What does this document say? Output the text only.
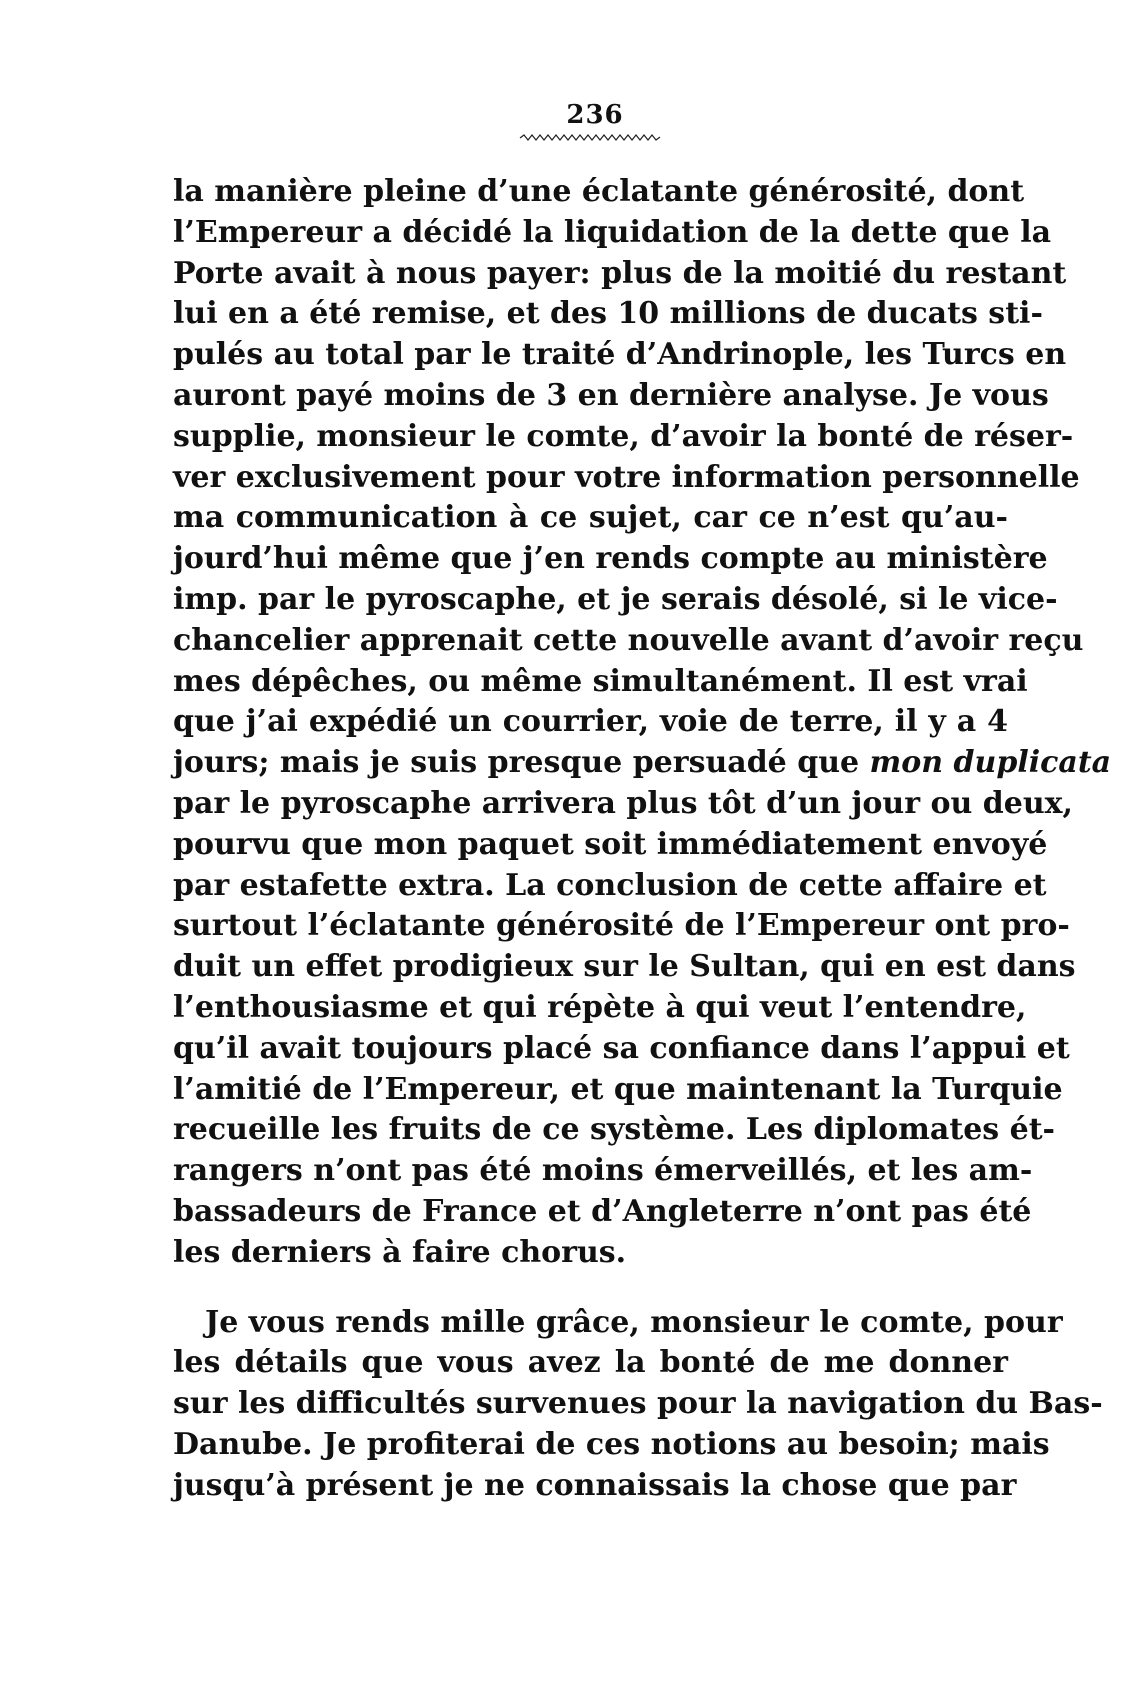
236
la manière pleine d’une éclatante générosité, dont
l’Empereur a décidé la liquidation de la dette que la
Porte avait à nous payer: plus de la moitié du restant
lui en a été remise, et des 10 millions de ducats sti-
pulés au total par le traité d’Andrinople, les Turcs en
auront payé moins de 3 en dernière analyse. Je vous
supplie, monsieur le comte, d’avoir la bonté de réser-
ver exclusivement pour votre information personnelle
ma communication à ce sujet, car ce n’est qu’au-
jourd’hui même que j’en rends compte au ministère
imp. par le pyroscaphe, et je serais désolé, si le vice-
chancelier apprenait cette nouvelle avant d’avoir reçu
mes dépêches, ou même simultanément. Il est vrai
que j’ai expédié un courrier, voie de terre, il y a 4
jours; mais je suis presque persuadé que mon duplicata
par le pyroscaphe arrivera plus tôt d’un jour ou deux,
pourvu que mon paquet soit immédiatement envoyé
par estafette extra. La conclusion de cette affaire et
surtout l’éclatante générosité de l’Empereur ont pro-
duit un effet prodigieux sur le Sultan, qui en est dans
l’enthousiasme et qui répète à qui veut l’entendre,
qu’il avait toujours placé sa confiance dans l’appui et
l’amitié de l’Empereur, et que maintenant la Turquie
recueille les fruits de ce système. Les diplomates ét-
rangers n’ont pas été moins émerveillés, et les am-
bassadeurs de France et d’Angleterre n’ont pas été
les derniers à faire chorus.
Je vous rends mille grâce, monsieur le comte, pour
les détails que vous avez la bonté de me donner
sur les difficultés survenues pour la navigation du Bas-
Danube. Je profiterai de ces notions au besoin; mais
jusqu’à présent je ne connaissais la chose que par
